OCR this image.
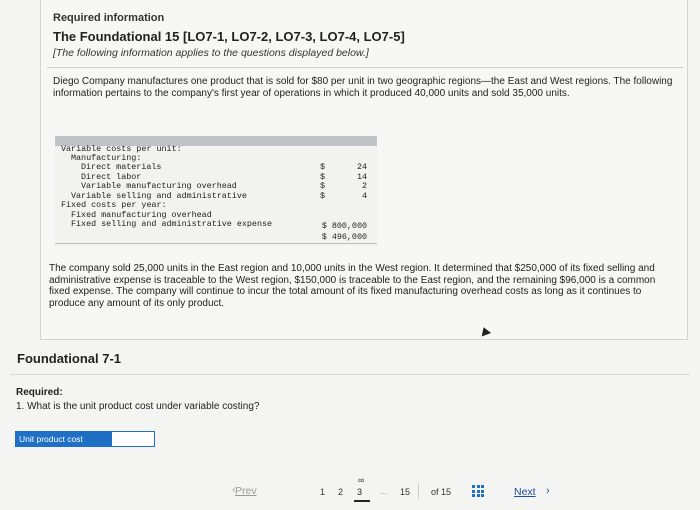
Required information
The Foundational 15 [LO7-1, LO7-2, LO7-3, LO7-4, LO7-5]
[The following information applies to the questions displayed below.]
Diego Company manufactures one product that is sold for $80 per unit in two geographic regions—the East and West regions. The following information pertains to the company's first year of operations in which it produced 40,000 units and sold 35,000 units.
Variable costs per unit:
Manufacturing:
Direct materials
Direct labor
Variable manufacturing overhead
Variable selling and administrative
Fixed costs per year:
Fixed manufacturing overhead
Fixed selling and administrative expense
$
$
$
$
24
14
2
4
$ 800,000
$ 496,000
The company sold 25,000 units in the East region and 10,000 units in the West region. It determined that $250,000 of its fixed selling and administrative expense is traceable to the West region, $150,000 is traceable to the East region, and the remaining $96,000 is a common fixed expense. The company will continue to incur the total amount of its fixed manufacturing overhead costs as long as it continues to produce any amount of its only product.
Foundational 7-1
Required:
1. What is the unit product cost under variable costing?
Unit product cost
‹ Prev	1 2
∞
3 ... 15 of 15	Next ›
